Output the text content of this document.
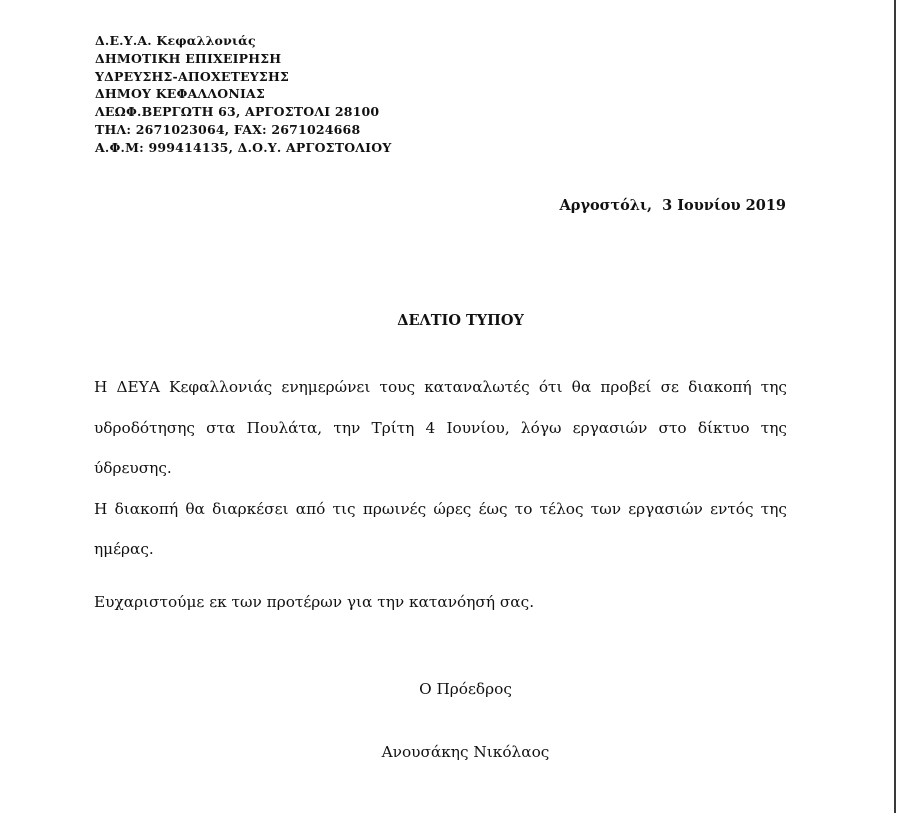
Δ.Ε.Υ.Α. Κεφαλλονιάς
ΔΗΜΟΤΙΚΗ ΕΠΙΧΕΙΡΗΣΗ
ΥΔΡΕΥΣΗΣ-ΑΠΟΧΕΤΕΥΣΗΣ
ΔΗΜΟΥ ΚΕΦΑΛΛΟΝΙΑΣ
ΛΕΩΦ.ΒΕΡΓΩΤΗ 63, ΑΡΓΟΣΤΟΛΙ 28100
ΤΗΛ: 2671023064, FAX: 2671024668
Α.Φ.Μ: 999414135, Δ.Ο.Υ. ΑΡΓΟΣΤΟΛΙΟΥ
Αργοστόλι,  3 Ιουνίου 2019
ΔΕΛΤΙΟ ΤΥΠΟΥ

Η ΔΕΥΑ Κεφαλλονιάς ενημερώνει τους καταναλωτές ότι θα προβεί σε διακοπή της υδροδότησης στα Πουλάτα, την Τρίτη 4 Ιουνίου, λόγω εργασιών στο δίκτυο της ύδρευσης.

Η διακοπή θα διαρκέσει από τις πρωινές ώρες έως το τέλος των εργασιών εντός της ημέρας.

Ευχαριστούμε εκ των προτέρων για την κατανόησή σας.
Ο Πρόεδρος
Ανουσάκης Νικόλαος
